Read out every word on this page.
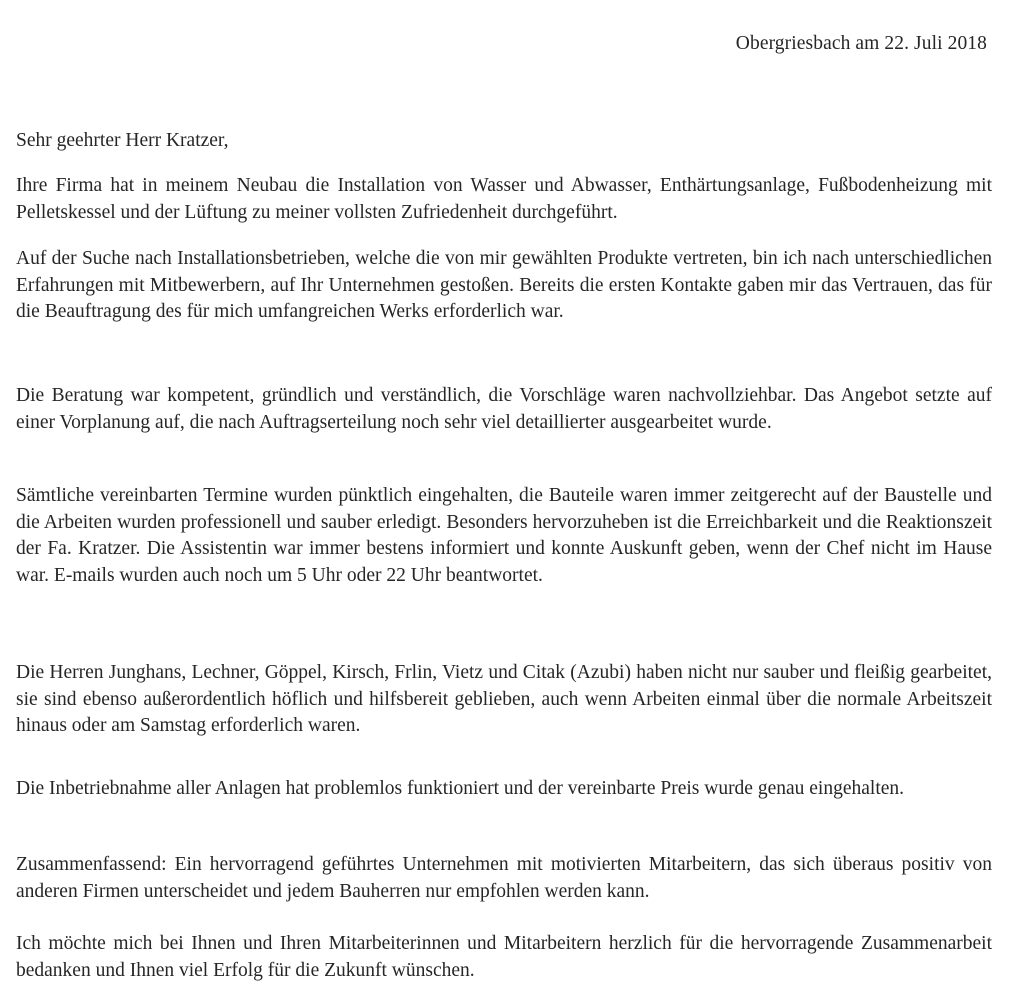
Obergriesbach am 22. Juli 2018
Sehr geehrter Herr Kratzer,

Ihre Firma hat in meinem Neubau die Installation von Wasser und Abwasser, Enthärtungsanlage, Fußbodenheizung mit Pelletskessel und der Lüftung zu meiner vollsten Zufriedenheit durchgeführt.

Auf der Suche nach Installationsbetrieben, welche die von mir gewählten Produkte vertreten, bin ich nach unterschiedlichen Erfahrungen mit Mitbewerbern, auf Ihr Unternehmen gestoßen. Bereits die ersten Kontakte gaben mir das Vertrauen, das für die Beauftragung des für mich umfangreichen Werks erforderlich war.

Die Beratung war kompetent, gründlich und verständlich, die Vorschläge waren nachvollziehbar. Das Angebot setzte auf einer Vorplanung auf, die nach Auftragserteilung noch sehr viel detaillierter ausgearbeitet wurde.

Sämtliche vereinbarten Termine wurden pünktlich eingehalten, die Bauteile waren immer zeitgerecht auf der Baustelle und die Arbeiten wurden professionell und sauber erledigt. Besonders hervorzuheben ist die Erreichbarkeit und die Reaktionszeit der Fa. Kratzer. Die Assistentin war immer bestens informiert und konnte Auskunft geben, wenn der Chef nicht im Hause war. E-mails wurden auch noch um 5 Uhr oder 22 Uhr beantwortet.

Die Herren Junghans, Lechner, Göppel, Kirsch, Frlin, Vietz und Citak (Azubi) haben nicht nur sauber und fleißig gearbeitet, sie sind ebenso außerordentlich höflich und hilfsbereit geblieben, auch wenn Arbeiten einmal über die normale Arbeitszeit hinaus oder am Samstag erforderlich waren.

Die Inbetriebnahme aller Anlagen hat problemlos funktioniert und der vereinbarte Preis wurde genau eingehalten.

Zusammenfassend: Ein hervorragend geführtes Unternehmen mit motivierten Mitarbeitern, das sich überaus positiv von anderen Firmen unterscheidet und jedem Bauherren nur empfohlen werden kann.

Ich möchte mich bei Ihnen und Ihren Mitarbeiterinnen und Mitarbeitern herzlich für die hervorragende Zusammenarbeit bedanken und Ihnen viel Erfolg für die Zukunft wünschen.
